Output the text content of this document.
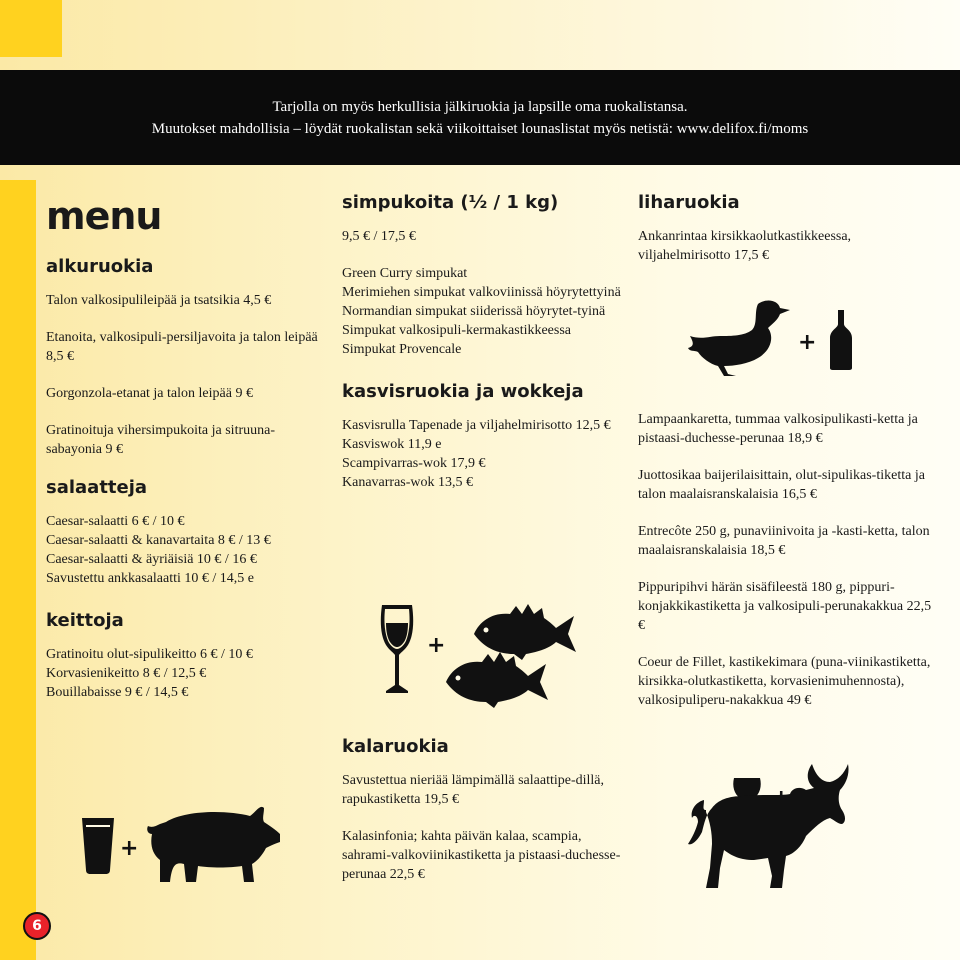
Tarjolla on myös herkullisia jälkiruokia ja lapsille oma ruokalistansa.
Muutokset mahdollisia – löydät ruokalistan sekä viikoittaiset lounaslistat myös netistä: www.delifox.fi/moms
menu
alkuruokia
Talon valkosipulileipää ja tsatsikia 4,5 €
Etanoita, valkosipuli-persiljavoita ja talon leipää 8,5 €
Gorgonzola-etanat ja talon leipää 9 €
Gratinoituja vihersimpukoita ja sitruuna-sabayonia 9 €
salaatteja
Caesar-salaatti 6 € / 10 €
Caesar-salaatti & kanavartaita 8 € / 13 €
Caesar-salaatti & äyriäisiä 10 € / 16 €
Savustettu ankkasalaatti 10 € / 14,5 e
keittoja
Gratinoitu olut-sipulikeitto 6 € / 10 €
Korvasienikeitto 8 € / 12,5 €
Bouillabaisse 9 € / 14,5 €
simpukoita (½ / 1 kg)
9,5 € / 17,5 €
Green Curry simpukat
Merimiehen simpukat valkoviinissä höyrytettyinä
Normandian simpukat siiderissä höyrytet-tyinä
Simpukat valkosipuli-kermakastikkeessa
Simpukat Provencale
kasvisruokia ja wokkeja
Kasvisrulla Tapenade ja viljahelmirisotto 12,5 €
Kasviswok 11,9 e
Scampivarras-wok 17,9 €
Kanavarras-wok 13,5 €
kalaruokia
Savustettua nieriää lämpimällä salaattipe-dillä, rapukastiketta 19,5 €
Kalasinfonia; kahta päivän kalaa, scampia, sahrami-valkoviinikastiketta ja pistaasi-duchesse-perunaa 22,5 €
liharuokia
Ankanrintaa kirsikkaolutkastikkeessa, viljahelmirisotto 17,5 €
Lampaankaretta, tummaa valkosipulikasti-ketta ja pistaasi-duchesse-perunaa 18,9 €
Juottosikaa baijerilaisittain, olut-sipulikas-tiketta ja talon maalaisranskalaisia 16,5 €
Entrecôte 250 g, punaviinivoita ja -kasti-ketta, talon maalaisranskalaisia 18,5 €
Pippuripihvi härän sisäfileestä 180 g, pippuri-konjakkikastiketta ja valkosipuli-perunakakkua 22,5 €
Coeur de Fillet, kastikekimara (puna-viinikastiketta, kirsikka-olutkastiketta, korvasienimuhennosta), valkosipuliperu-nakakkua 49 €
+
+
+
6
